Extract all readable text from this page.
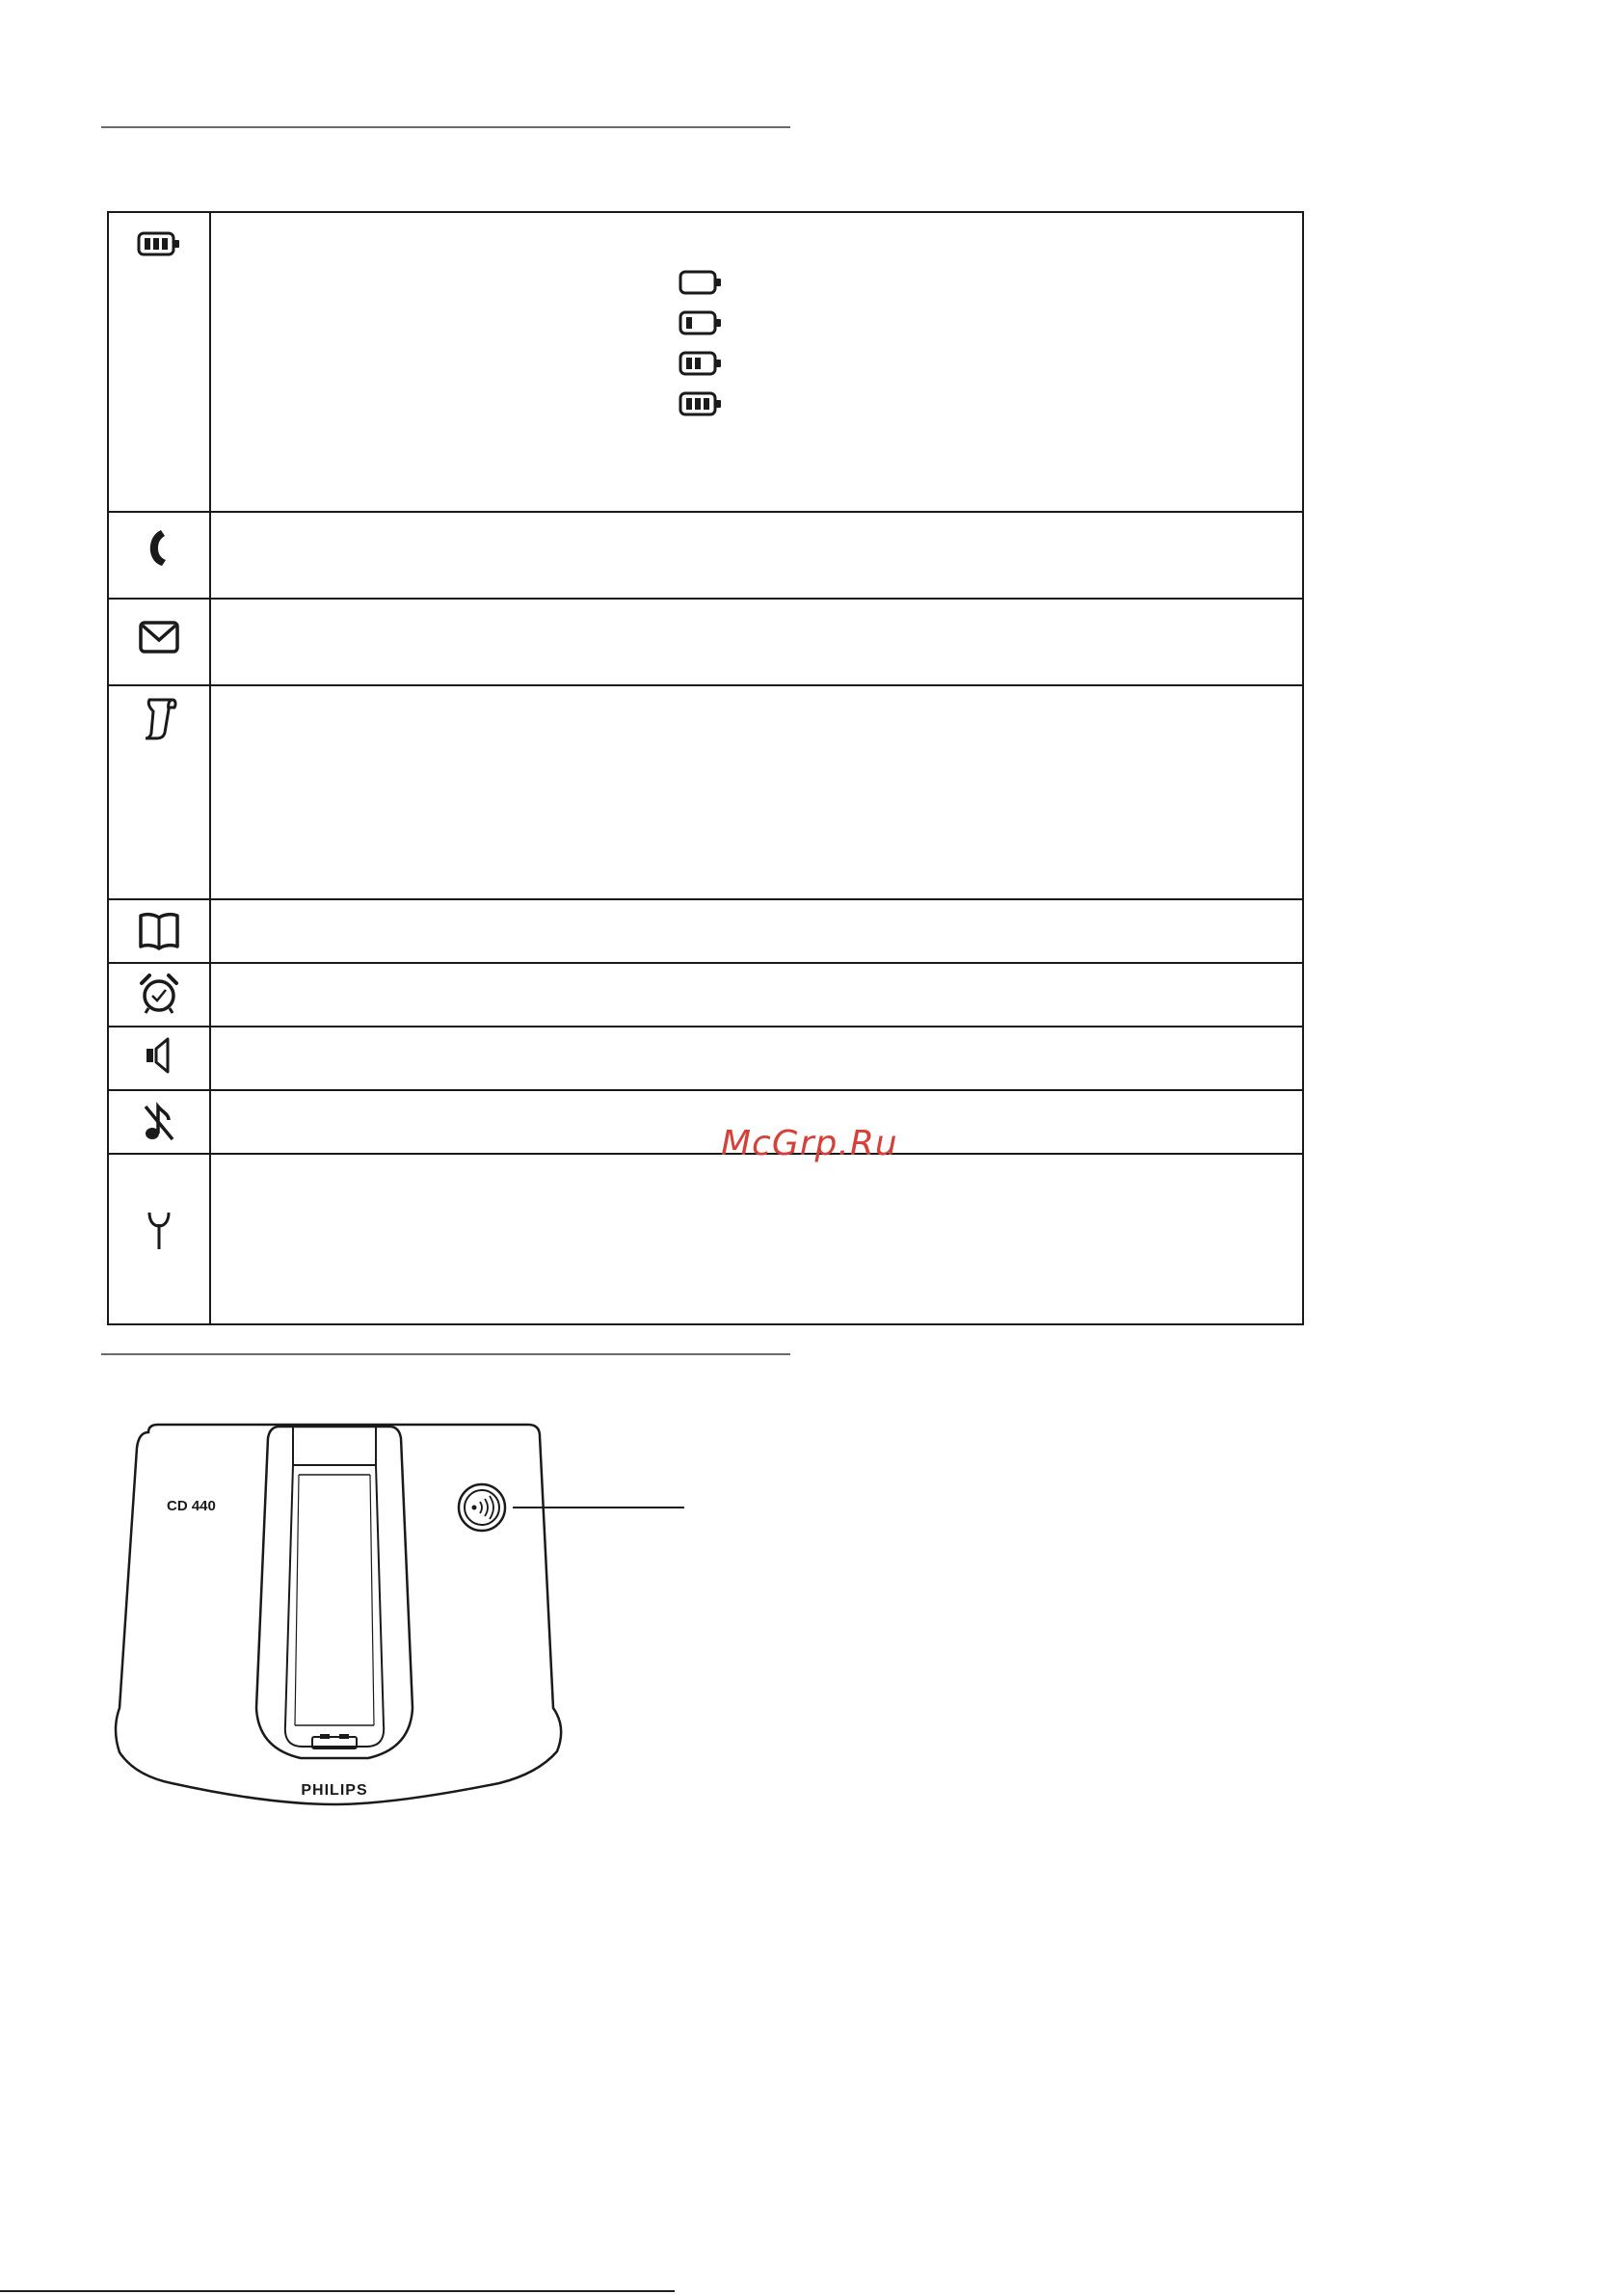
McGrp.Ru
CD 440
PHILIPS
